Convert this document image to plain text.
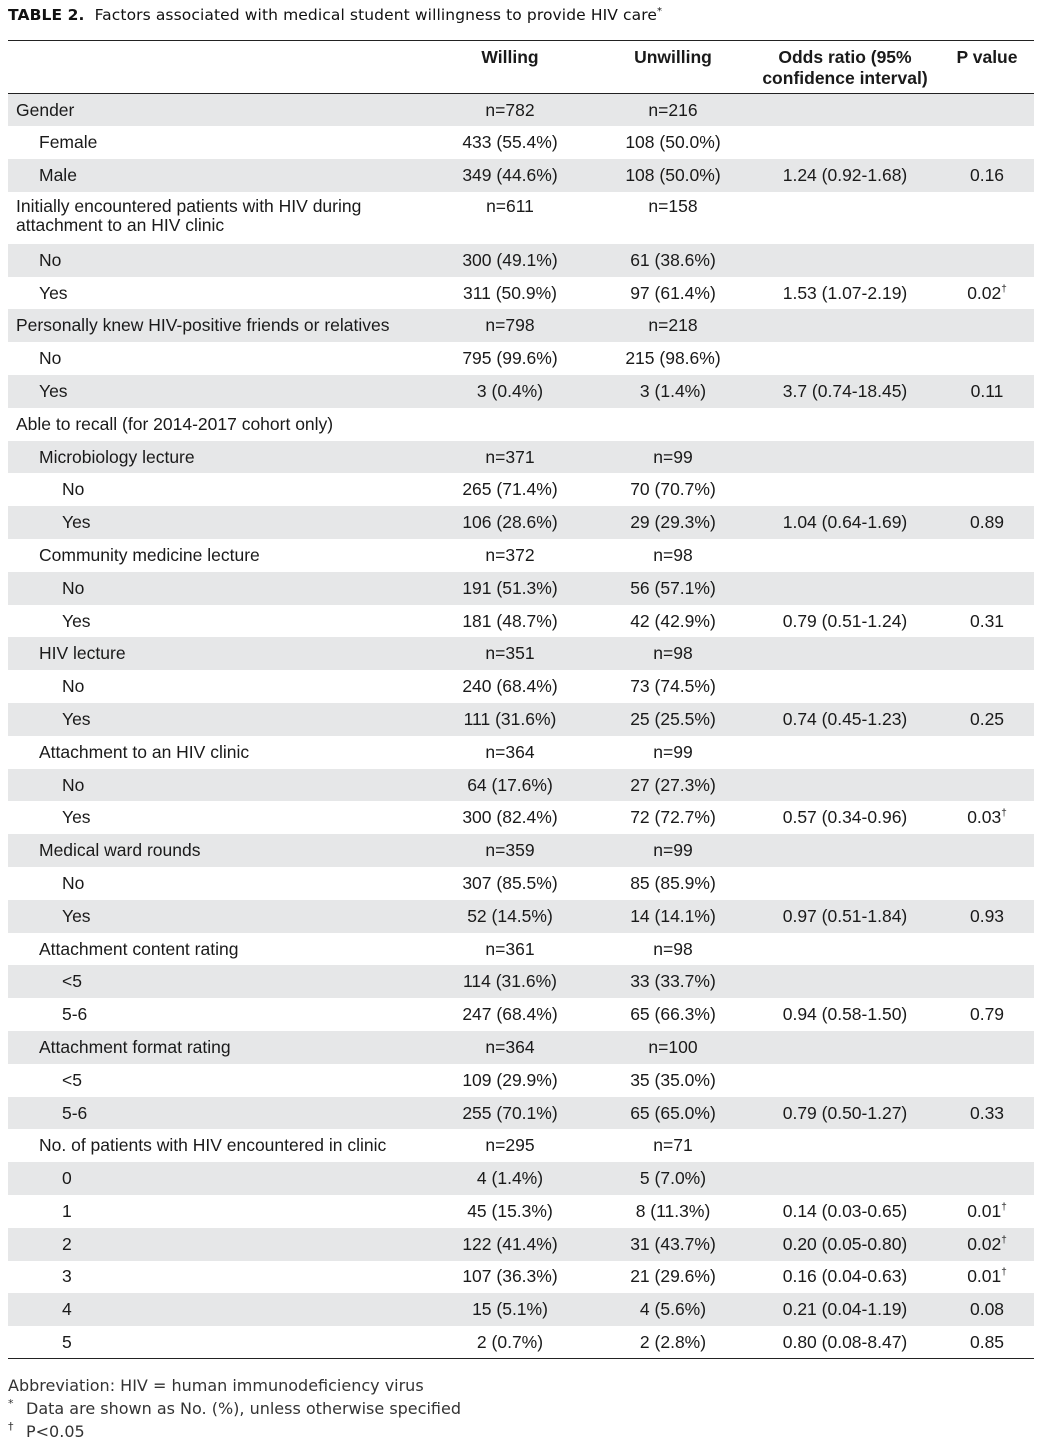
TABLE 2. Factors associated with medical student willingness to provide HIV care*
	Willing	Unwilling	Odds ratio (95% confidence interval)	P value
Gender	n=782	n=216		
Female	433 (55.4%)	108 (50.0%)		
Male	349 (44.6%)	108 (50.0%)	1.24 (0.92-1.68)	0.16
Initially encountered patients with HIV during attachment to an HIV clinic	n=611	n=158		
No	300 (49.1%)	61 (38.6%)		
Yes	311 (50.9%)	97 (61.4%)	1.53 (1.07-2.19)	0.02†
Personally knew HIV-positive friends or relatives	n=798	n=218		
No	795 (99.6%)	215 (98.6%)		
Yes	3 (0.4%)	3 (1.4%)	3.7 (0.74-18.45)	0.11
Able to recall (for 2014-2017 cohort only)				
Microbiology lecture	n=371	n=99		
No	265 (71.4%)	70 (70.7%)		
Yes	106 (28.6%)	29 (29.3%)	1.04 (0.64-1.69)	0.89
Community medicine lecture	n=372	n=98		
No	191 (51.3%)	56 (57.1%)		
Yes	181 (48.7%)	42 (42.9%)	0.79 (0.51-1.24)	0.31
HIV lecture	n=351	n=98		
No	240 (68.4%)	73 (74.5%)		
Yes	111 (31.6%)	25 (25.5%)	0.74 (0.45-1.23)	0.25
Attachment to an HIV clinic	n=364	n=99		
No	64 (17.6%)	27 (27.3%)		
Yes	300 (82.4%)	72 (72.7%)	0.57 (0.34-0.96)	0.03†
Medical ward rounds	n=359	n=99		
No	307 (85.5%)	85 (85.9%)		
Yes	52 (14.5%)	14 (14.1%)	0.97 (0.51-1.84)	0.93
Attachment content rating	n=361	n=98		
<5	114 (31.6%)	33 (33.7%)		
5-6	247 (68.4%)	65 (66.3%)	0.94 (0.58-1.50)	0.79
Attachment format rating	n=364	n=100		
<5	109 (29.9%)	35 (35.0%)		
5-6	255 (70.1%)	65 (65.0%)	0.79 (0.50-1.27)	0.33
No. of patients with HIV encountered in clinic	n=295	n=71		
0	4 (1.4%)	5 (7.0%)		
1	45 (15.3%)	8 (11.3%)	0.14 (0.03-0.65)	0.01†
2	122 (41.4%)	31 (43.7%)	0.20 (0.05-0.80)	0.02†
3	107 (36.3%)	21 (29.6%)	0.16 (0.04-0.63)	0.01†
4	15 (5.1%)	4 (5.6%)	0.21 (0.04-1.19)	0.08
5	2 (0.7%)	2 (2.8%)	0.80 (0.08-8.47)	0.85
Abbreviation: HIV = human immunodeficiency virus
* Data are shown as No. (%), unless otherwise specified
† P<0.05
